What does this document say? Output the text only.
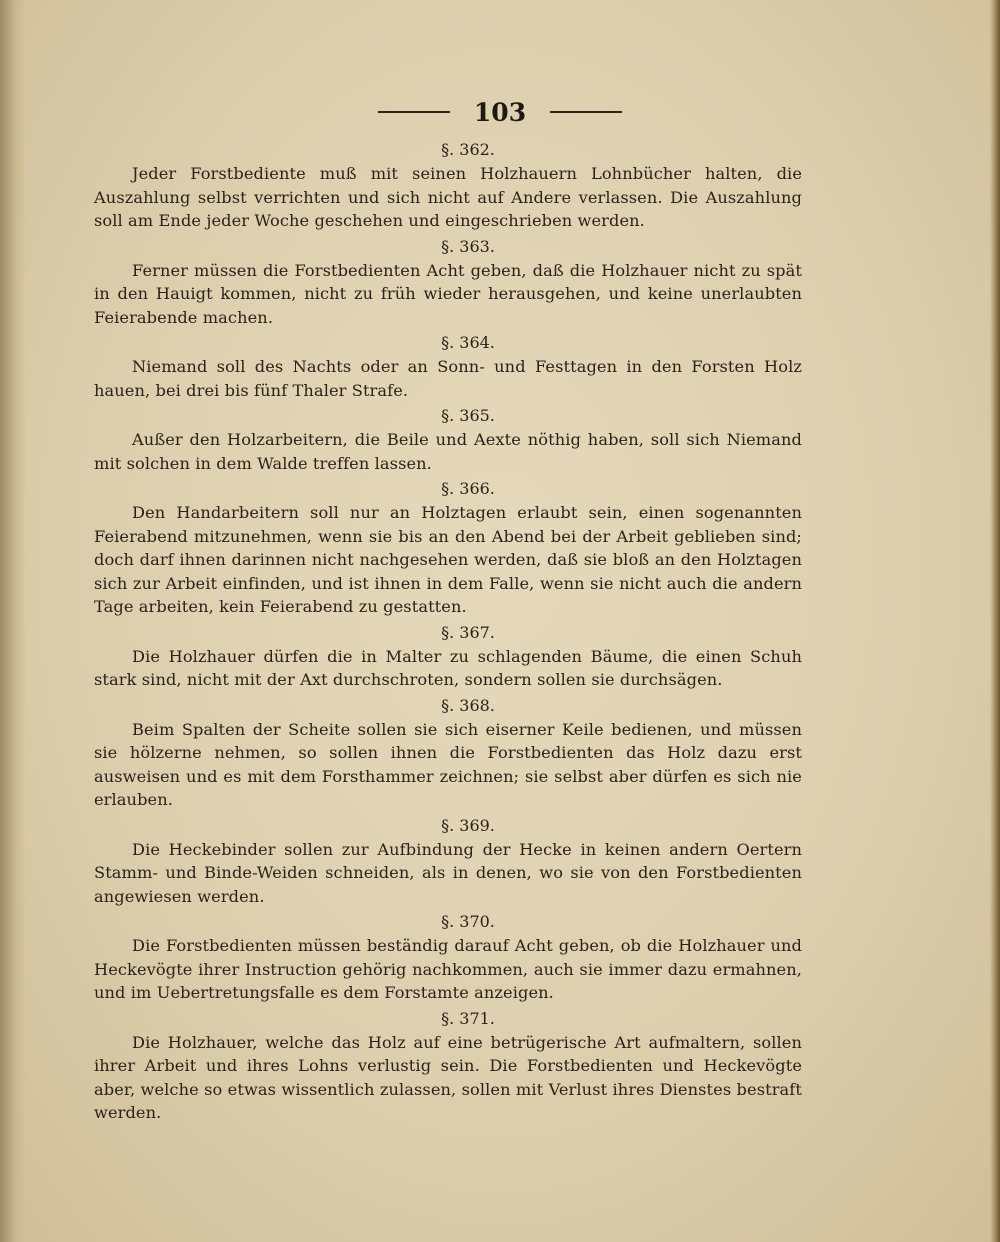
103
§. 362.

Jeder Forstbediente muß mit seinen Holzhauern Lohnbücher halten, die Auszahlung selbst verrichten und sich nicht auf Andere verlassen. Die Auszahlung soll am Ende jeder Woche geschehen und eingeschrieben werden.

§. 363.

Ferner müssen die Forstbedienten Acht geben, daß die Holzhauer nicht zu spät in den Hauigt kommen, nicht zu früh wieder herausgehen, und keine unerlaubten Feierabende machen.

§. 364.

Niemand soll des Nachts oder an Sonn- und Festtagen in den Forsten Holz hauen, bei drei bis fünf Thaler Strafe.

§. 365.

Außer den Holzarbeitern, die Beile und Aexte nöthig haben, soll sich Niemand mit solchen in dem Walde treffen lassen.

§. 366.

Den Handarbeitern soll nur an Holztagen erlaubt sein, einen sogenannten Feierabend mitzunehmen, wenn sie bis an den Abend bei der Arbeit geblieben sind; doch darf ihnen darinnen nicht nachgesehen werden, daß sie bloß an den Holztagen sich zur Arbeit einfinden, und ist ihnen in dem Falle, wenn sie nicht auch die andern Tage arbeiten, kein Feierabend zu gestatten.

§. 367.

Die Holzhauer dürfen die in Malter zu schlagenden Bäume, die einen Schuh stark sind, nicht mit der Axt durchschroten, sondern sollen sie durchsägen.

§. 368.

Beim Spalten der Scheite sollen sie sich eiserner Keile bedienen, und müssen sie hölzerne nehmen, so sollen ihnen die Forstbedienten das Holz dazu erst ausweisen und es mit dem Forsthammer zeichnen; sie selbst aber dürfen es sich nie erlauben.

§. 369.

Die Heckebinder sollen zur Aufbindung der Hecke in keinen andern Oertern Stamm- und Binde-Weiden schneiden, als in denen, wo sie von den Forstbedienten angewiesen werden.

§. 370.

Die Forstbedienten müssen beständig darauf Acht geben, ob die Holzhauer und Heckevögte ihrer Instruction gehörig nachkommen, auch sie immer dazu ermahnen, und im Uebertretungsfalle es dem Forstamte anzeigen.

§. 371.

Die Holzhauer, welche das Holz auf eine betrügerische Art aufmaltern, sollen ihrer Arbeit und ihres Lohns verlustig sein. Die Forstbedienten und Heckevögte aber, welche so etwas wissentlich zulassen, sollen mit Verlust ihres Dienstes bestraft werden.
